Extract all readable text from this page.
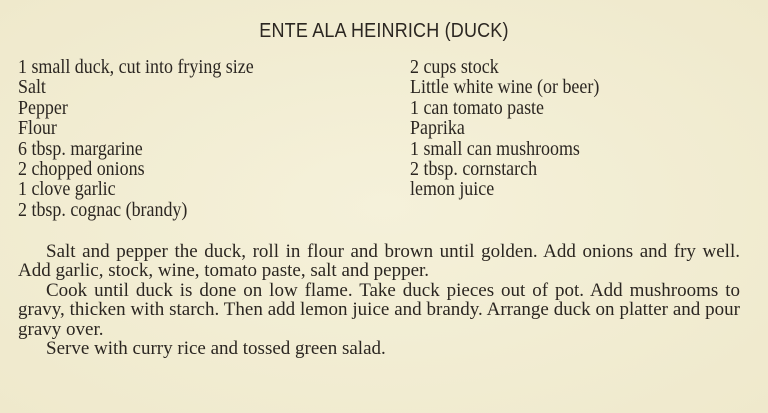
ENTE ALA HEINRICH (DUCK)
1 small duck, cut into frying size
Salt
Pepper
Flour
6 tbsp. margarine
2 chopped onions
1 clove garlic
2 tbsp. cognac (brandy)
2 cups stock
Little white wine (or beer)
1 can tomato paste
Paprika
1 small can mushrooms
2 tbsp. cornstarch
lemon juice

Salt and pepper the duck, roll in flour and brown until golden. Add onions and fry well. Add garlic, stock, wine, tomato paste, salt and pepper.

Cook until duck is done on low flame. Take duck pieces out of pot. Add mushrooms to gravy, thicken with starch. Then add lemon juice and brandy. Arrange duck on platter and pour gravy over.

Serve with curry rice and tossed green salad.
